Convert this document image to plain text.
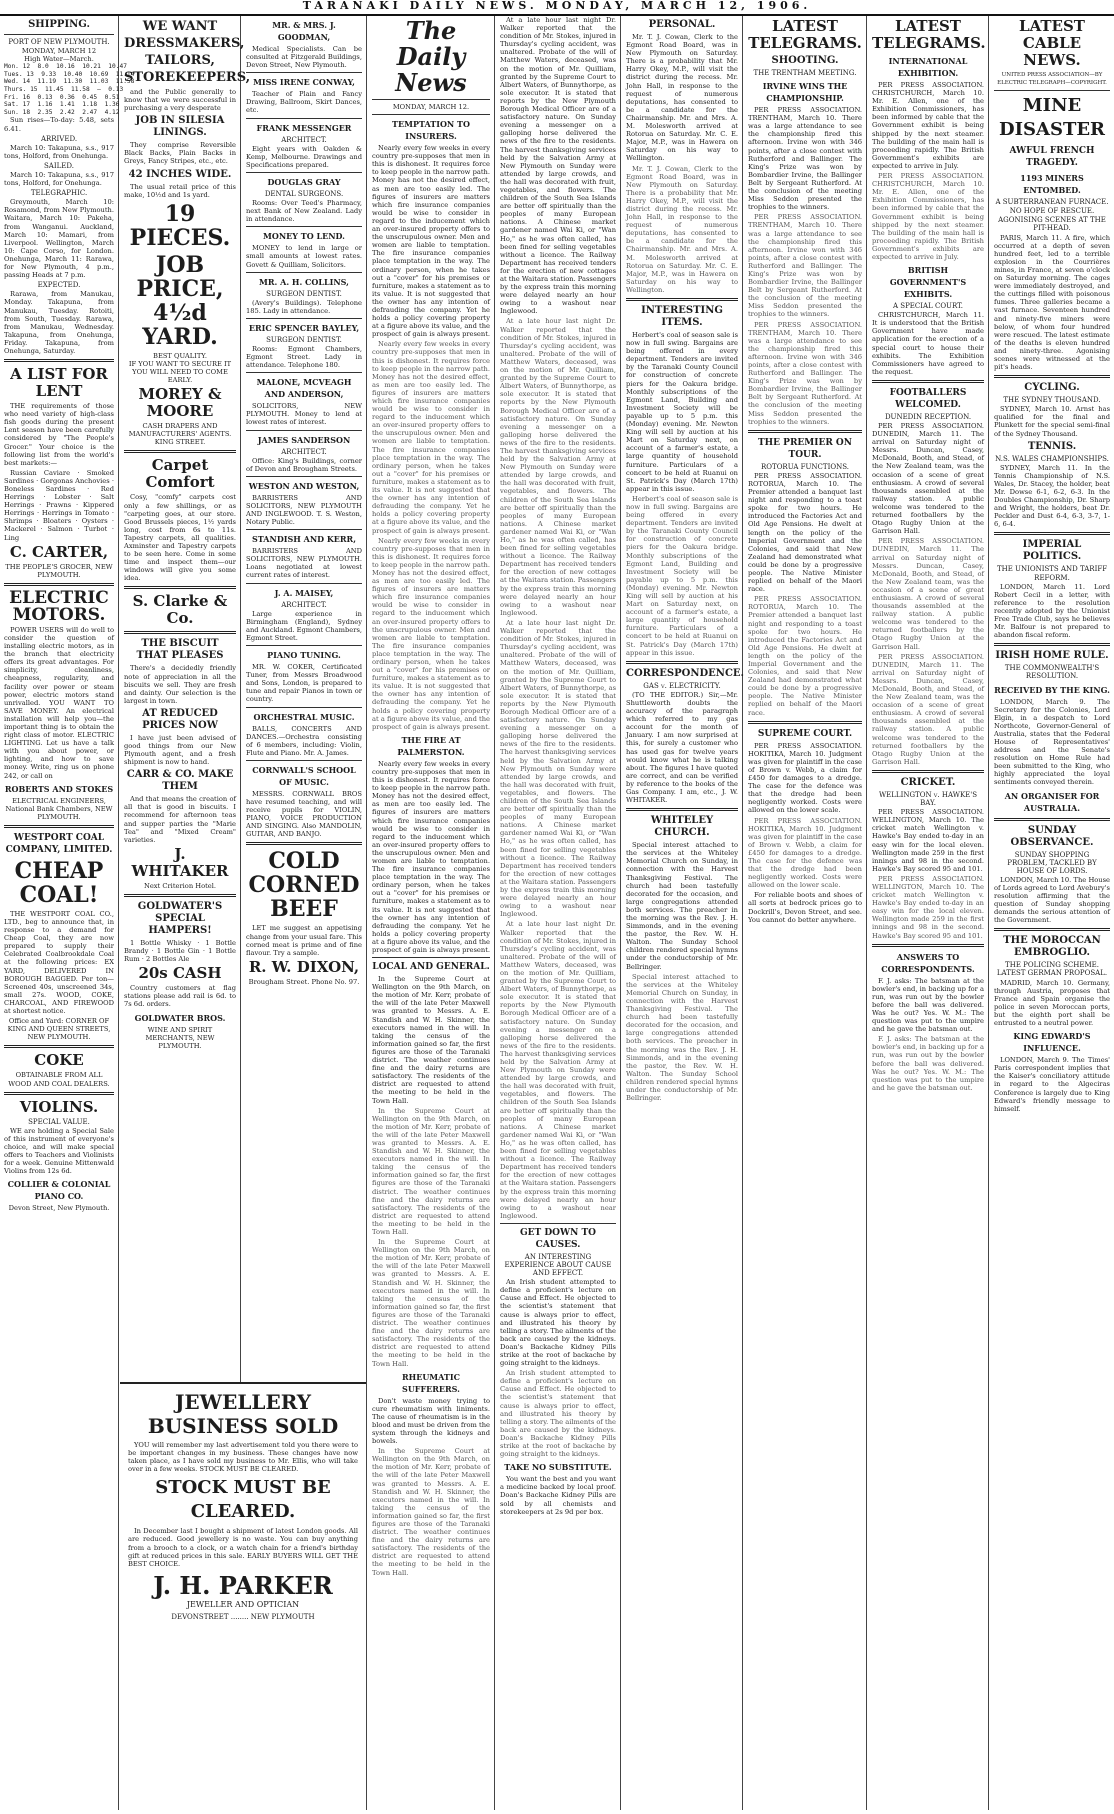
TARANAKI DAILY NEWS. MONDAY, MARCH 12, 1906.
SHIPPING.
PORT OF NEW PLYMOUTH.
MONDAY, MARCH 12
High Water—March.
Mon. 12  8.0  10.16  10.21  10.47
Tues. 13  9.33  10.40  10.69  11.14
Wed. 14  11.19  11.30  11.03  11.58
Thurs. 15  11.45  11.58  —  0.13
Fri. 16  0.13  0.36  0.45  0.51
Sat. 17  1.16  1.41  1.18  1.36
Sun. 18  2.35  2.42  2.47  4.12
Sun rises—To-day: 5.48, sets 6.41.
ARRIVED.
March 10: Takapuna, s.s., 917 tons, Holford, from Onehunga.
SAILED.
March 10: Takapuna, s.s., 917 tons, Holford, for Onehunga.
TELEGRAPHIC.
Greymouth, March 10: Rosamond, from New Plymouth. Waitara, March 10: Pakeha, from Wanganui. Auckland, March 10: Mamari, from Liverpool. Wellington, March 10: Cape Corso, for London. Onehunga, March 11: Rarawa, for New Plymouth, 4 p.m., passing Heads at 7 p.m.
EXPECTED.
Rarawa, from Manukau, Monday. Takapuna, from Manukau, Tuesday. Rotoiti, from South, Tuesday. Rarawa, from Manukau, Wednesday. Takapuna, from Onehunga, Friday. Takapuna, from Onehunga, Saturday.
A LIST FOR LENT
THE requirements of those who need variety of high-class fish goods during the present Lent season have been carefully considered by "The People's Grocer." Your choice is the following list from the world's best markets:—
Russian Caviare · Smoked Sardines · Gorgonas Anchovies · Boneless Sardines · Red Herrings · Lobster · Salt Herrings · Prawns · Kippered Herrings · Herrings in Tomato · Shrimps · Bloaters · Oysters · Mackerel · Salmon · Turbot · Ling
C. CARTER,
THE PEOPLE'S GROCER, NEW PLYMOUTH.
ELECTRIC MOTORS.
POWER USERS will do well to consider the question of installing electric motors, as in the branch that electricity offers its great advantages. For simplicity, cleanliness, cheapness, regularity, and facility over power or steam power, electric motors stand unrivalled. YOU WANT TO SAVE MONEY. An electrical installation will help you—the important thing is to obtain the right class of motor. ELECTRIC LIGHTING. Let us have a talk with you about power, or lighting, and how to save money. Write, ring us on phone 242, or call on
ROBERTS AND STOKES
ELECTRICAL ENGINEERS, National Bank Chambers, NEW PLYMOUTH.
WESTPORT COAL COMPANY, LIMITED.
CHEAP COAL!
THE WESTPORT COAL CO., LTD., beg to announce that, in response to a demand for Cheap Coal, they are now prepared to supply their Celebrated Coalbrookdale Coal at the following prices: EX YARD, DELIVERED IN BOROUGH BAGGED. Per ton—Screened 40s, unscreened 34s, small 27s. WOOD, COKE, CHARCOAL, AND FIREWOOD at shortest notice.
Office and Yard: CORNER OF KING AND QUEEN STREETS, NEW PLYMOUTH.
COKE
OBTAINABLE FROM ALL WOOD AND COAL DEALERS.
VIOLINS.
SPECIAL VALUE.
WE are holding a Special Sale of this instrument of everyone's choice, and will make special offers to Teachers and Violinists for a week. Genuine Mittenwald Violins from 12s 6d.
COLLIER & COLONIAL PIANO CO.
Devon Street, New Plymouth.
WE WANT DRESSMAKERS, TAILORS, STOREKEEPERS,
and the Public generally to know that we were successful in purchasing a very desperate
JOB IN SILESIA LININGS.
They comprise Reversible Black Backs, Plain Backs in Greys, Fancy Stripes, etc., etc.
42 INCHES WIDE.
The usual retail price of this make, 10½d and 1s yard.
19 PIECES.
JOB PRICE, 4½d YARD.
BEST QUALITY.
IF YOU WANT TO SECURE IT YOU WILL NEED TO COME EARLY.
MOREY & MOORE
CASH DRAPERS AND MANUFACTURERS' AGENTS. KING STREET.
Carpet Comfort
Cosy, "comfy" carpets cost only a few shillings, or as "carpeting goes, at our store. Good Brussels pieces, 1½ yards long, cost from 6s to 11s. Tapestry carpets, all qualities. Axminster and Tapestry carpets to be seen here. Come in some time and inspect them—our windows will give you some idea.
S. Clarke & Co.
THE BISCUIT THAT PLEASES
There's a decidedly friendly note of appreciation in all the biscuits we sell. They are fresh and dainty. Our selection is the largest in town.
AT REDUCED PRICES NOW
I have just been advised of good things from our New Plymouth agent, and a fresh shipment is now to hand.
CARR & CO. MAKE THEM
And that means the creation of all that is good in biscuits. I recommend for afternoon teas and supper parties the "Marie Tea" and "Mixed Cream" varieties.
J. WHITAKER
Next Criterion Hotel.
GOLDWATER'S SPECIAL HAMPERS!
1 Bottle Whisky · 1 Bottle Brandy · 1 Bottle Gin · 1 Bottle Rum · 2 Bottles Ale
20s CASH
Country customers at flag stations please add rail is 6d. to 7s 6d. orders.
GOLDWATER BROS.
WINE AND SPIRIT MERCHANTS, NEW PLYMOUTH.
MR. & MRS. J. GOODMAN,
Medical Specialists. Can be consulted at Fitzgerald Buildings, Devon Street, New Plymouth.
MISS IRENE CONWAY,
Teacher of Plain and Fancy Drawing, Ballroom, Skirt Dances, etc.
FRANK MESSENGER
ARCHITECT.
Eight years with Oakden & Kemp, Melbourne. Drawings and Specifications prepared.
DOUGLAS GRAY
DENTAL SURGEONS.
Rooms: Over Teed's Pharmacy, next Bank of New Zealand. Lady in attendance.
MONEY TO LEND.
MONEY to lend in large or small amounts at lowest rates. Govett & Quilliam, Solicitors.
MR. A. H. COLLINS,
SURGEON DENTIST.
(Avery's Buildings). Telephone 185. Lady in attendance.
ERIC SPENCER BAYLEY,
SURGEON DENTIST.
Rooms: Egmont Chambers, Egmont Street. Lady in attendance. Telephone 180.
MALONE, MCVEAGH AND ANDERSON,
SOLICITORS, NEW PLYMOUTH. Money to lend at lowest rates of interest.
JAMES SANDERSON
ARCHITECT.
Office: King's Buildings, corner of Devon and Brougham Streets.
WESTON AND WESTON,
BARRISTERS AND SOLICITORS, NEW PLYMOUTH AND INGLEWOOD. T. S. Weston, Notary Public.
STANDISH AND KERR,
BARRISTERS AND SOLICITORS, NEW PLYMOUTH. Loans negotiated at lowest current rates of interest.
J. A. MAISEY,
ARCHITECT.
Large experience in Birmingham (England), Sydney and Auckland. Egmont Chambers, Egmont Street.
PIANO TUNING.
MR. W. COKER, Certificated Tuner, from Messrs Broadwood and Sons, London, is prepared to tune and repair Pianos in town or country.
ORCHESTRAL MUSIC.
BALLS, CONCERTS AND DANCES.—Orchestra consisting of 6 members, including: Violin, Flute and Piano. Mr. A. James.
CORNWALL'S SCHOOL OF MUSIC.
MESSRS. CORNWALL BROS have resumed teaching, and will receive pupils for VIOLIN, PIANO, VOICE PRODUCTION AND SINGING. Also MANDOLIN, GUITAR, AND BANJO.
COLD CORNED BEEF
LET me suggest an appetising change from your usual fare. This corned meat is prime and of fine flavour. Try a sample.
R. W. DIXON,
Brougham Street. Phone No. 97.
JEWELLERY BUSINESS SOLD
YOU will remember my last advertisement told you there were to be important changes in my business. These changes have now taken place, as I have sold my business to Mr. Ellis, who will take over in a few weeks. STOCK MUST BE CLEARED.
STOCK MUST BE CLEARED.
In December last I bought a shipment of latest London goods. All are reduced. Good jewellery is no waste. You can buy anything from a brooch to a clock, or a watch chain for a friend's birthday gift at reduced prices in this sale. EARLY BUYERS WILL GET THE BEST CHOICE.
J. H. PARKER
JEWELLER AND OPTICIAN
DEVONSTREET ........ NEW PLYMOUTH
The Daily News
MONDAY, MARCH 12.
TEMPTATION TO INSURERS.
Nearly every few weeks in every country pre-supposes that men in this is dishonest. It requires force to keep people in the narrow path. Money has not the desired effect, as men are too easily led. The figures of insurers are matters which fire insurance companies would be wise to consider in regard to the inducement which an over-insured property offers to the unscrupulous owner. Men and women are liable to temptation. The fire insurance companies place temptation in the way. The ordinary person, when he takes out a "cover" for his premises or furniture, makes a statement as to its value. It is not suggested that the owner has any intention of defrauding the company. Yet he holds a policy covering property at a figure above its value, and the prospect of gain is always present.
Nearly every few weeks in every country pre-supposes that men in this is dishonest. It requires force to keep people in the narrow path. Money has not the desired effect, as men are too easily led. The figures of insurers are matters which fire insurance companies would be wise to consider in regard to the inducement which an over-insured property offers to the unscrupulous owner. Men and women are liable to temptation. The fire insurance companies place temptation in the way. The ordinary person, when he takes out a "cover" for his premises or furniture, makes a statement as to its value. It is not suggested that the owner has any intention of defrauding the company. Yet he holds a policy covering property at a figure above its value, and the prospect of gain is always present.
Nearly every few weeks in every country pre-supposes that men in this is dishonest. It requires force to keep people in the narrow path. Money has not the desired effect, as men are too easily led. The figures of insurers are matters which fire insurance companies would be wise to consider in regard to the inducement which an over-insured property offers to the unscrupulous owner. Men and women are liable to temptation. The fire insurance companies place temptation in the way. The ordinary person, when he takes out a "cover" for his premises or furniture, makes a statement as to its value. It is not suggested that the owner has any intention of defrauding the company. Yet he holds a policy covering property at a figure above its value, and the prospect of gain is always present.
THE FIRE AT PALMERSTON.
Nearly every few weeks in every country pre-supposes that men in this is dishonest. It requires force to keep people in the narrow path. Money has not the desired effect, as men are too easily led. The figures of insurers are matters which fire insurance companies would be wise to consider in regard to the inducement which an over-insured property offers to the unscrupulous owner. Men and women are liable to temptation. The fire insurance companies place temptation in the way. The ordinary person, when he takes out a "cover" for his premises or furniture, makes a statement as to its value. It is not suggested that the owner has any intention of defrauding the company. Yet he holds a policy covering property at a figure above its value, and the prospect of gain is always present.
LOCAL AND GENERAL.
In the Supreme Court at Wellington on the 9th March, on the motion of Mr. Kerr, probate of the will of the late Peter Maxwell was granted to Messrs. A. E. Standish and W. H. Skinner, the executors named in the will. In taking the census of the information gained so far, the first figures are those of the Taranaki district. The weather continues fine and the dairy returns are satisfactory. The residents of the district are requested to attend the meeting to be held in the Town Hall.
In the Supreme Court at Wellington on the 9th March, on the motion of Mr. Kerr, probate of the will of the late Peter Maxwell was granted to Messrs. A. E. Standish and W. H. Skinner, the executors named in the will. In taking the census of the information gained so far, the first figures are those of the Taranaki district. The weather continues fine and the dairy returns are satisfactory. The residents of the district are requested to attend the meeting to be held in the Town Hall.
In the Supreme Court at Wellington on the 9th March, on the motion of Mr. Kerr, probate of the will of the late Peter Maxwell was granted to Messrs. A. E. Standish and W. H. Skinner, the executors named in the will. In taking the census of the information gained so far, the first figures are those of the Taranaki district. The weather continues fine and the dairy returns are satisfactory. The residents of the district are requested to attend the meeting to be held in the Town Hall.
RHEUMATIC SUFFERERS.
Don't waste money trying to cure rheumatism with liniments. The cause of rheumatism is in the blood and must be driven from the system through the kidneys and bowels.
In the Supreme Court at Wellington on the 9th March, on the motion of Mr. Kerr, probate of the will of the late Peter Maxwell was granted to Messrs. A. E. Standish and W. H. Skinner, the executors named in the will. In taking the census of the information gained so far, the first figures are those of the Taranaki district. The weather continues fine and the dairy returns are satisfactory. The residents of the district are requested to attend the meeting to be held in the Town Hall.
At a late hour last night Dr. Walker reported that the condition of Mr. Stokes, injured in Thursday's cycling accident, was unaltered. Probate of the will of Matthew Waters, deceased, was on the motion of Mr. Quilliam, granted by the Supreme Court to Albert Waters, of Bunnythorpe, as sole executor. It is stated that reports by the New Plymouth Borough Medical Officer are of a satisfactory nature. On Sunday evening a messenger on a galloping horse delivered the news of the fire to the residents. The harvest thanksgiving services held by the Salvation Army at New Plymouth on Sunday were attended by large crowds, and the hall was decorated with fruit, vegetables, and flowers. The children of the South Sea Islands are better off spiritually than the peoples of many European nations. A Chinese market gardener named Wai Ki, or "Wan Ho," as he was often called, has been fined for selling vegetables without a licence. The Railway Department has received tenders for the erection of new cottages at the Waitara station. Passengers by the express train this morning were delayed nearly an hour owing to a washout near Inglewood.
At a late hour last night Dr. Walker reported that the condition of Mr. Stokes, injured in Thursday's cycling accident, was unaltered. Probate of the will of Matthew Waters, deceased, was on the motion of Mr. Quilliam, granted by the Supreme Court to Albert Waters, of Bunnythorpe, as sole executor. It is stated that reports by the New Plymouth Borough Medical Officer are of a satisfactory nature. On Sunday evening a messenger on a galloping horse delivered the news of the fire to the residents. The harvest thanksgiving services held by the Salvation Army at New Plymouth on Sunday were attended by large crowds, and the hall was decorated with fruit, vegetables, and flowers. The children of the South Sea Islands are better off spiritually than the peoples of many European nations. A Chinese market gardener named Wai Ki, or "Wan Ho," as he was often called, has been fined for selling vegetables without a licence. The Railway Department has received tenders for the erection of new cottages at the Waitara station. Passengers by the express train this morning were delayed nearly an hour owing to a washout near Inglewood.
At a late hour last night Dr. Walker reported that the condition of Mr. Stokes, injured in Thursday's cycling accident, was unaltered. Probate of the will of Matthew Waters, deceased, was on the motion of Mr. Quilliam, granted by the Supreme Court to Albert Waters, of Bunnythorpe, as sole executor. It is stated that reports by the New Plymouth Borough Medical Officer are of a satisfactory nature. On Sunday evening a messenger on a galloping horse delivered the news of the fire to the residents. The harvest thanksgiving services held by the Salvation Army at New Plymouth on Sunday were attended by large crowds, and the hall was decorated with fruit, vegetables, and flowers. The children of the South Sea Islands are better off spiritually than the peoples of many European nations. A Chinese market gardener named Wai Ki, or "Wan Ho," as he was often called, has been fined for selling vegetables without a licence. The Railway Department has received tenders for the erection of new cottages at the Waitara station. Passengers by the express train this morning were delayed nearly an hour owing to a washout near Inglewood.
At a late hour last night Dr. Walker reported that the condition of Mr. Stokes, injured in Thursday's cycling accident, was unaltered. Probate of the will of Matthew Waters, deceased, was on the motion of Mr. Quilliam, granted by the Supreme Court to Albert Waters, of Bunnythorpe, as sole executor. It is stated that reports by the New Plymouth Borough Medical Officer are of a satisfactory nature. On Sunday evening a messenger on a galloping horse delivered the news of the fire to the residents. The harvest thanksgiving services held by the Salvation Army at New Plymouth on Sunday were attended by large crowds, and the hall was decorated with fruit, vegetables, and flowers. The children of the South Sea Islands are better off spiritually than the peoples of many European nations. A Chinese market gardener named Wai Ki, or "Wan Ho," as he was often called, has been fined for selling vegetables without a licence. The Railway Department has received tenders for the erection of new cottages at the Waitara station. Passengers by the express train this morning were delayed nearly an hour owing to a washout near Inglewood.
GET DOWN TO CAUSES.
AN INTERESTING EXPERIENCE ABOUT CAUSE AND EFFECT.
An Irish student attempted to define a proficient's lecture on Cause and Effect. He objected to the scientist's statement that cause is always prior to effect, and illustrated his theory by telling a story. The ailments of the back are caused by the kidneys. Doan's Backache Kidney Pills strike at the root of backache by going straight to the kidneys.
An Irish student attempted to define a proficient's lecture on Cause and Effect. He objected to the scientist's statement that cause is always prior to effect, and illustrated his theory by telling a story. The ailments of the back are caused by the kidneys. Doan's Backache Kidney Pills strike at the root of backache by going straight to the kidneys.
TAKE NO SUBSTITUTE.
You want the best and you want a medicine backed by local proof. Doan's Backache Kidney Pills are sold by all chemists and storekeepers at 2s 9d per box.
PERSONAL.
Mr. T. J. Cowan, Clerk to the Egmont Road Board, was in New Plymouth on Saturday. There is a probability that Mr. Harry Okey, M.P., will visit the district during the recess. Mr. John Hall, in response to the request of numerous deputations, has consented to be a candidate for the Chairmanship. Mr. and Mrs. A. M. Molesworth arrived at Rotorua on Saturday. Mr. C. E. Major, M.P., was in Hawera on Saturday on his way to Wellington.
Mr. T. J. Cowan, Clerk to the Egmont Road Board, was in New Plymouth on Saturday. There is a probability that Mr. Harry Okey, M.P., will visit the district during the recess. Mr. John Hall, in response to the request of numerous deputations, has consented to be a candidate for the Chairmanship. Mr. and Mrs. A. M. Molesworth arrived at Rotorua on Saturday. Mr. C. E. Major, M.P., was in Hawera on Saturday on his way to Wellington.
INTERESTING ITEMS.
Herbert's coal of season sale is now in full swing. Bargains are being offered in every department. Tenders are invited by the Taranaki County Council for construction of concrete piers for the Oakura bridge. Monthly subscriptions of the Egmont Land, Building and Investment Society will be payable up to 5 p.m. this (Monday) evening. Mr. Newton King will sell by auction at his Mart on Saturday next, on account of a farmer's estate, a large quantity of household furniture. Particulars of a concert to be held at Ruanui on St. Patrick's Day (March 17th) appear in this issue.
Herbert's coal of season sale is now in full swing. Bargains are being offered in every department. Tenders are invited by the Taranaki County Council for construction of concrete piers for the Oakura bridge. Monthly subscriptions of the Egmont Land, Building and Investment Society will be payable up to 5 p.m. this (Monday) evening. Mr. Newton King will sell by auction at his Mart on Saturday next, on account of a farmer's estate, a large quantity of household furniture. Particulars of a concert to be held at Ruanui on St. Patrick's Day (March 17th) appear in this issue.
CORRESPONDENCE.
GAS v. ELECTRICITY.
(TO THE EDITOR.) Sir,—Mr. Shuttleworth doubts the accuracy of the paragraph which referred to my gas account for the month of January. I am now surprised at this, for surely a customer who has used gas for twelve years would know what he is talking about. The figures I have quoted are correct, and can be verified by reference to the books of the Gas Company. I am, etc., J. W. WHITAKER.
WHITELEY CHURCH.
Special interest attached to the services at the Whiteley Memorial Church on Sunday, in connection with the Harvest Thanksgiving Festival. The church had been tastefully decorated for the occasion, and large congregations attended both services. The preacher in the morning was the Rev. J. H. Simmonds, and in the evening the pastor, the Rev. W. H. Walton. The Sunday School children rendered special hymns under the conductorship of Mr. Bellringer.
Special interest attached to the services at the Whiteley Memorial Church on Sunday, in connection with the Harvest Thanksgiving Festival. The church had been tastefully decorated for the occasion, and large congregations attended both services. The preacher in the morning was the Rev. J. H. Simmonds, and in the evening the pastor, the Rev. W. H. Walton. The Sunday School children rendered special hymns under the conductorship of Mr. Bellringer.
LATEST TELEGRAMS.
SHOOTING.
THE TRENTHAM MEETING.
IRVINE WINS THE CHAMPIONSHIP.
PER PRESS ASSOCIATION. TRENTHAM, March 10. There was a large attendance to see the championship fired this afternoon. Irvine won with 346 points, after a close contest with Rutherford and Ballinger. The King's Prize was won by Bombardier Irvine, the Ballinger Belt by Sergeant Rutherford. At the conclusion of the meeting Miss Seddon presented the trophies to the winners.
PER PRESS ASSOCIATION. TRENTHAM, March 10. There was a large attendance to see the championship fired this afternoon. Irvine won with 346 points, after a close contest with Rutherford and Ballinger. The King's Prize was won by Bombardier Irvine, the Ballinger Belt by Sergeant Rutherford. At the conclusion of the meeting Miss Seddon presented the trophies to the winners.
PER PRESS ASSOCIATION. TRENTHAM, March 10. There was a large attendance to see the championship fired this afternoon. Irvine won with 346 points, after a close contest with Rutherford and Ballinger. The King's Prize was won by Bombardier Irvine, the Ballinger Belt by Sergeant Rutherford. At the conclusion of the meeting Miss Seddon presented the trophies to the winners.
THE PREMIER ON TOUR.
ROTORUA FUNCTIONS.
PER PRESS ASSOCIATION. ROTORUA, March 10. The Premier attended a banquet last night and responding to a toast spoke for two hours. He introduced the Factories Act and Old Age Pensions. He dwelt at length on the policy of the Imperial Government and the Colonies, and said that New Zealand had demonstrated what could be done by a progressive people. The Native Minister replied on behalf of the Maori race.
PER PRESS ASSOCIATION. ROTORUA, March 10. The Premier attended a banquet last night and responding to a toast spoke for two hours. He introduced the Factories Act and Old Age Pensions. He dwelt at length on the policy of the Imperial Government and the Colonies, and said that New Zealand had demonstrated what could be done by a progressive people. The Native Minister replied on behalf of the Maori race.
SUPREME COURT.
PER PRESS ASSOCIATION. HOKITIKA, March 10. Judgment was given for plaintiff in the case of Brown v. Webb, a claim for £450 for damages to a dredge. The case for the defence was that the dredge had been negligently worked. Costs were allowed on the lower scale.
PER PRESS ASSOCIATION. HOKITIKA, March 10. Judgment was given for plaintiff in the case of Brown v. Webb, a claim for £450 for damages to a dredge. The case for the defence was that the dredge had been negligently worked. Costs were allowed on the lower scale.
For reliable boots and shoes of all sorts at bedrock prices go to Dockrill's, Devon Street, and see. You cannot do better anywhere.
LATEST TELEGRAMS.
INTERNATIONAL EXHIBITION.
PER PRESS ASSOCIATION. CHRISTCHURCH, March 10. Mr. E. Allen, one of the Exhibition Commissioners, has been informed by cable that the Government exhibit is being shipped by the next steamer. The building of the main hall is proceeding rapidly. The British Government's exhibits are expected to arrive in July.
PER PRESS ASSOCIATION. CHRISTCHURCH, March 10. Mr. E. Allen, one of the Exhibition Commissioners, has been informed by cable that the Government exhibit is being shipped by the next steamer. The building of the main hall is proceeding rapidly. The British Government's exhibits are expected to arrive in July.
BRITISH GOVERNMENT'S EXHIBITS.
A SPECIAL COURT.
CHRISTCHURCH, March 11. It is understood that the British Government have made application for the erection of a special court to house their exhibits. The Exhibition Commissioners have agreed to the request.
FOOTBALLERS WELCOMED.
DUNEDIN RECEPTION.
PER PRESS ASSOCIATION. DUNEDIN, March 11. The arrival on Saturday night of Messrs. Duncan, Casey, McDonald, Booth, and Stead, of the New Zealand team, was the occasion of a scene of great enthusiasm. A crowd of several thousands assembled at the railway station. A public welcome was tendered to the returned footballers by the Otago Rugby Union at the Garrison Hall.
PER PRESS ASSOCIATION. DUNEDIN, March 11. The arrival on Saturday night of Messrs. Duncan, Casey, McDonald, Booth, and Stead, of the New Zealand team, was the occasion of a scene of great enthusiasm. A crowd of several thousands assembled at the railway station. A public welcome was tendered to the returned footballers by the Otago Rugby Union at the Garrison Hall.
PER PRESS ASSOCIATION. DUNEDIN, March 11. The arrival on Saturday night of Messrs. Duncan, Casey, McDonald, Booth, and Stead, of the New Zealand team, was the occasion of a scene of great enthusiasm. A crowd of several thousands assembled at the railway station. A public welcome was tendered to the returned footballers by the Otago Rugby Union at the Garrison Hall.
CRICKET.
WELLINGTON v. HAWKE'S BAY.
PER PRESS ASSOCIATION. WELLINGTON, March 10. The cricket match Wellington v. Hawke's Bay ended to-day in an easy win for the local eleven. Wellington made 259 in the first innings and 98 in the second. Hawke's Bay scored 95 and 101.
PER PRESS ASSOCIATION. WELLINGTON, March 10. The cricket match Wellington v. Hawke's Bay ended to-day in an easy win for the local eleven. Wellington made 259 in the first innings and 98 in the second. Hawke's Bay scored 95 and 101.
ANSWERS TO CORRESPONDENTS.
F. J. asks: The batsman at the bowler's end, in backing up for a run, was run out by the bowler before the ball was delivered. Was he out? Yes. W. M.: The question was put to the umpire and he gave the batsman out.
F. J. asks: The batsman at the bowler's end, in backing up for a run, was run out by the bowler before the ball was delivered. Was he out? Yes. W. M.: The question was put to the umpire and he gave the batsman out.
LATEST CABLE NEWS.
UNITED PRESS ASSOCIATION—BY ELECTRIC TELEGRAPH—COPYRIGHT.
MINE DISASTER
AWFUL FRENCH TRAGEDY.
1193 MINERS ENTOMBED.
A SUBTERRANEAN FURNACE.
NO HOPE OF RESCUE.
AGONISING SCENES AT THE PIT-HEAD.
PARIS, March 11. A fire, which occurred at a depth of seven hundred feet, led to a terrible explosion in the Courrières mines, in France, at seven o'clock on Saturday morning. The cages were immediately destroyed, and the cuttings filled with poisonous fumes. Three galleries became a vast furnace. Seventeen hundred and ninety-five miners were below, of whom four hundred were rescued. The latest estimate of the deaths is eleven hundred and ninety-three. Agonising scenes were witnessed at the pit's heads.
CYCLING.
THE SYDNEY THOUSAND.
SYDNEY, March 10. Arnst has qualified for the final and Plunkett for the special semi-final of the Sydney Thousand.
TENNIS.
N.S. WALES CHAMPIONSHIPS.
SYDNEY, March 11. In the Tennis Championship of N.S. Wales, Dr. Stacey, the holder, beat Mr. Dowse 6-1, 6-2, 6-3. In the Doubles Championship, Dr. Sharp and Wright, the holders, beat Dr. Peckler and Dust 6-4, 6-3, 3-7, 1-6, 6-4.
IMPERIAL POLITICS.
THE UNIONISTS AND TARIFF REFORM.
LONDON, March 11. Lord Robert Cecil in a letter, with reference to the resolution recently adopted by the Unionist Free Trade Club, says he believes Mr. Balfour is not prepared to abandon fiscal reform.
IRISH HOME RULE.
THE COMMONWEALTH'S RESOLUTION.
RECEIVED BY THE KING.
LONDON, March 9. The Secretary for the Colonies, Lord Elgin, in a despatch to Lord Northcote, Governor-General of Australia, states that the Federal House of Representatives' address and the Senate's resolution on Home Rule had been submitted to the King, who highly appreciated the loyal sentiments conveyed therein.
AN ORGANISER FOR AUSTRALIA.
SUNDAY OBSERVANCE.
SUNDAY SHOPPING PROBLEM, TACKLED BY HOUSE OF LORDS.
LONDON, March 10. The House of Lords agreed to Lord Avebury's resolution affirming that the question of Sunday shopping demands the serious attention of the Government.
THE MOROCCAN EMBROGLIO.
THE POLICING SCHEME. LATEST GERMAN PROPOSAL.
MADRID, March 10. Germany, through Austria, proposes that France and Spain organise the police in seven Moroccan ports, but the eighth port shall be entrusted to a neutral power.
KING EDWARD'S INFLUENCE.
LONDON, March 9. The Times' Paris correspondent implies that the Kaiser's conciliatory attitude in regard to the Algeciras Conference is largely due to King Edward's friendly message to himself.
